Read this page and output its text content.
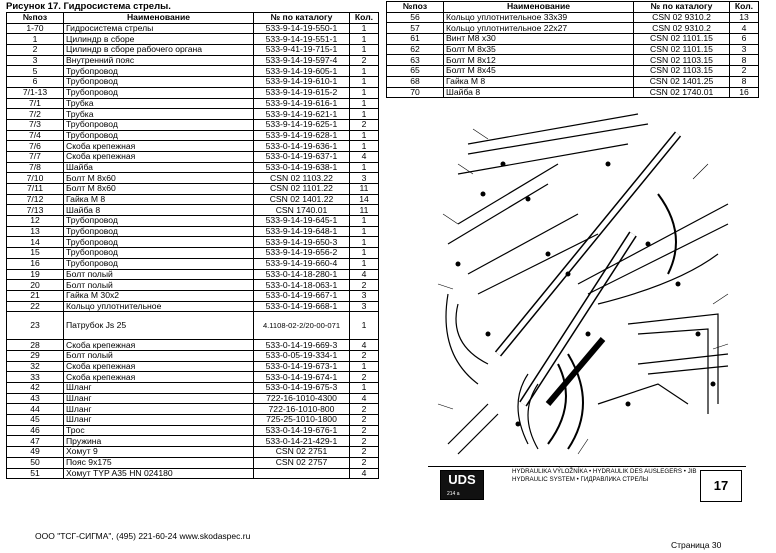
Рисунок 17. Гидросистема стрелы.
№поз	Наименование	№ по каталогу	Кол.
1-70	Гидросистема стрелы	533-9-14-19-550-1	1
1	Цилиндр в сборе	533-9-14-19-551-1	1
2	Цилиндр в сборе рабочего органа	533-9-41-19-715-1	1
3	Внутренний пояс	533-9-14-19-597-4	2
5	Трубопровод	533-9-14-19-605-1	1
6	Трубопровод	533-9-14-19-610-1	1
7/1-13	Трубопровод	533-9-14-19-615-2	1
7/1	Трубка	533-9-14-19-616-1	1
7/2	Трубка	533-9-14-19-621-1	1
7/3	Трубопровод	533-9-14-19-625-1	2
7/4	Трубопровод	533-9-14-19-628-1	1
7/6	Скоба крепежная	533-0-14-19-636-1	1
7/7	Скоба крепежная	533-0-14-19-637-1	4
7/8	Шайба	533-0-14-19-638-1	1
7/10	Болт М 8х60	CSN 02 1103.22	3
7/11	Болт М 8х60	CSN 02 1101.22	11
7/12	Гайка М 8	CSN 02 1401.22	14
7/13	Шайба 8	CSN 1740.01	11
12	Трубопровод	533-9-14-19-645-1	1
13	Трубопровод	533-9-14-19-648-1	1
14	Трубопровод	533-9-14-19-650-3	1
15	Трубопровод	533-9-14-19-656-2	1
16	Трубопровод	533-9-14-19-660-4	1
19	Болт полый	533-0-14-18-280-1	4
20	Болт полый	533-0-14-18-063-1	2
21	Гайка М 30х2	533-0-14-19-667-1	3
22	Кольцо уплотнительное	533-0-14-19-668-1	3
23	Патрубок Js 25	4.1108-02-2/20-00-071	1
28	Скоба крепежная	533-0-14-19-669-3	4
29	Болт полый	533-0-05-19-334-1	2
32	Скоба крепежная	533-0-14-19-673-1	1
33	Скоба крепежная	533-0-14-19-674-1	2
42	Шланг	533-0-14-19-675-3	1
43	Шланг	722-16-1010-4300	4
44	Шланг	722-16-1010-800	2
45	Шланг	725-25-1010-1800	2
46	Трос	533-0-14-19-676-1	2
47	Пружина	533-0-14-21-429-1	2
49	Хомут 9	CSN 02 2751	2
50	Пояс 9х175	CSN 02 2757	2
51	Хомут TYP A35 HN 024180		4
№поз	Наименование	№ по каталогу	Кол.
56	Кольцо уплотнительное 33х39	CSN 02 9310.2	13
57	Кольцо уплотнительное 22х27	CSN 02 9310.2	4
61	Винт М8 х30	CSN 02 1101.15	6
62	Болт М 8х35	CSN 02 1101.15	3
63	Болт М 8х12	CSN 02 1103.15	8
65	Болт М 8х45	CSN 02 1103.15	2
68	Гайка М 8	CSN 02 1401.25	8
70	Шайба 8	CSN 02 1740.01	16
UDS
214 a
HYDRAULIKA VÝLOŽNÍKA • HYDRAULIK DES AUSLEGERS • JIB HYDRAULIC SYSTEM • ГИДРАВЛИКА СТРЕЛЫ	17
ООО "ТСГ-СИГМА", (495) 221-60-24 www.skodaspec.ru
Страница 30
